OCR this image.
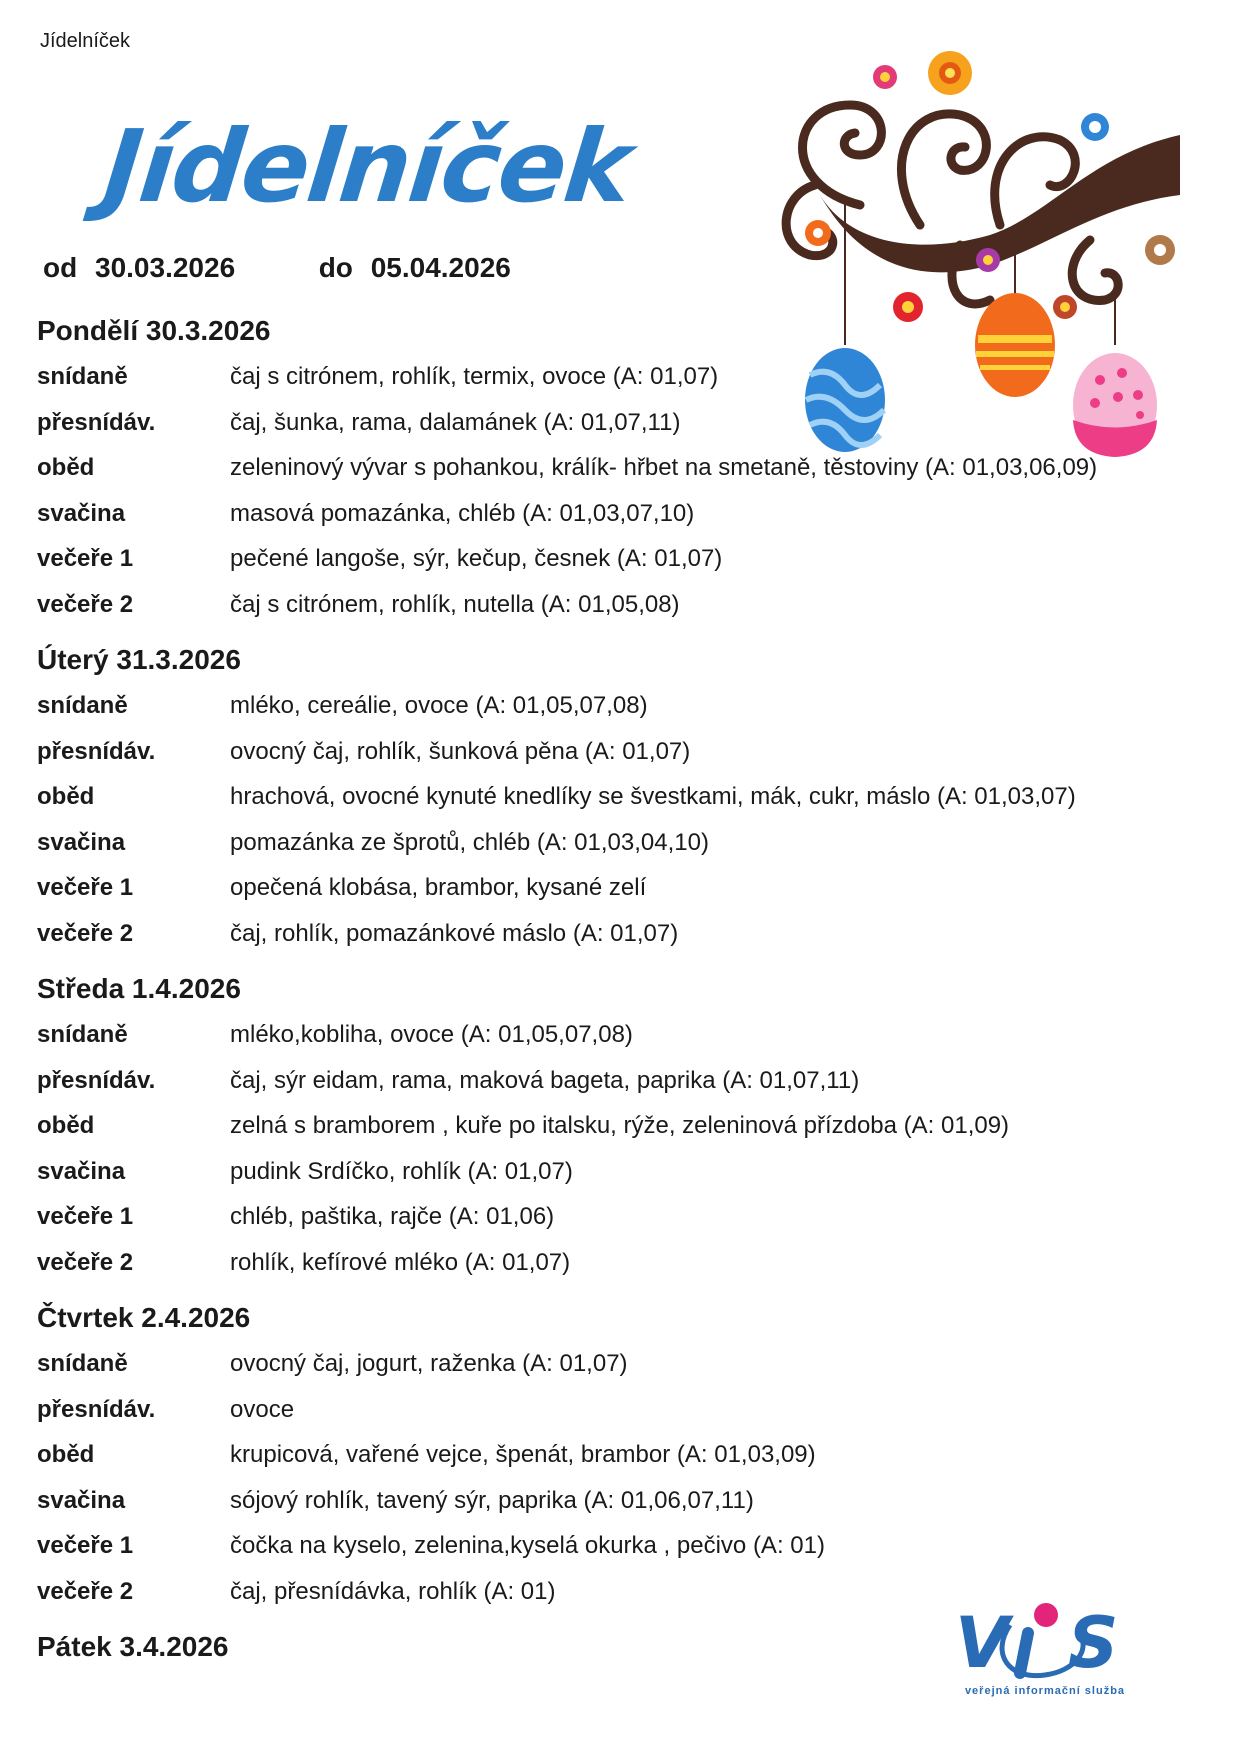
Jídelníček
Jídelníček
od 30.03.2026	do 05.04.2026
Pondělí 30.3.2026
snídaně	čaj s citrónem, rohlík, termix, ovoce (A: 01,07)
přesnídáv.	čaj, šunka, rama, dalamánek (A: 01,07,11)
oběd	zeleninový vývar s pohankou, králík- hřbet na smetaně, těstoviny (A: 01,03,06,09)
svačina	masová pomazánka, chléb (A: 01,03,07,10)
večeře 1	pečené langoše, sýr, kečup, česnek (A: 01,07)
večeře 2	čaj s citrónem, rohlík, nutella (A: 01,05,08)
Úterý 31.3.2026
snídaně	mléko, cereálie, ovoce (A: 01,05,07,08)
přesnídáv.	ovocný čaj, rohlík, šunková pěna (A: 01,07)
oběd	hrachová, ovocné kynuté knedlíky se švestkami, mák, cukr, máslo (A: 01,03,07)
svačina	pomazánka ze šprotů, chléb (A: 01,03,04,10)
večeře 1	opečená klobása, brambor, kysané zelí
večeře 2	čaj, rohlík, pomazánkové máslo (A: 01,07)
Středa 1.4.2026
snídaně	mléko,kobliha, ovoce (A: 01,05,07,08)
přesnídáv.	čaj, sýr eidam, rama, maková bageta, paprika (A: 01,07,11)
oběd	zelná s bramborem , kuře po italsku, rýže, zeleninová přízdoba (A: 01,09)
svačina	pudink Srdíčko, rohlík (A: 01,07)
večeře 1	chléb, paštika, rajče (A: 01,06)
večeře 2	rohlík, kefírové mléko (A: 01,07)
Čtvrtek 2.4.2026
snídaně	ovocný čaj, jogurt, raženka (A: 01,07)
přesnídáv.	ovoce
oběd	krupicová, vařené vejce, špenát, brambor (A: 01,03,09)
svačina	sójový rohlík, tavený sýr, paprika (A: 01,06,07,11)
večeře 1	čočka na kyselo, zelenina,kyselá okurka , pečivo (A: 01)
večeře 2	čaj, přesnídávka, rohlík (A: 01)
Pátek 3.4.2026	V S
veřejná informační služba
